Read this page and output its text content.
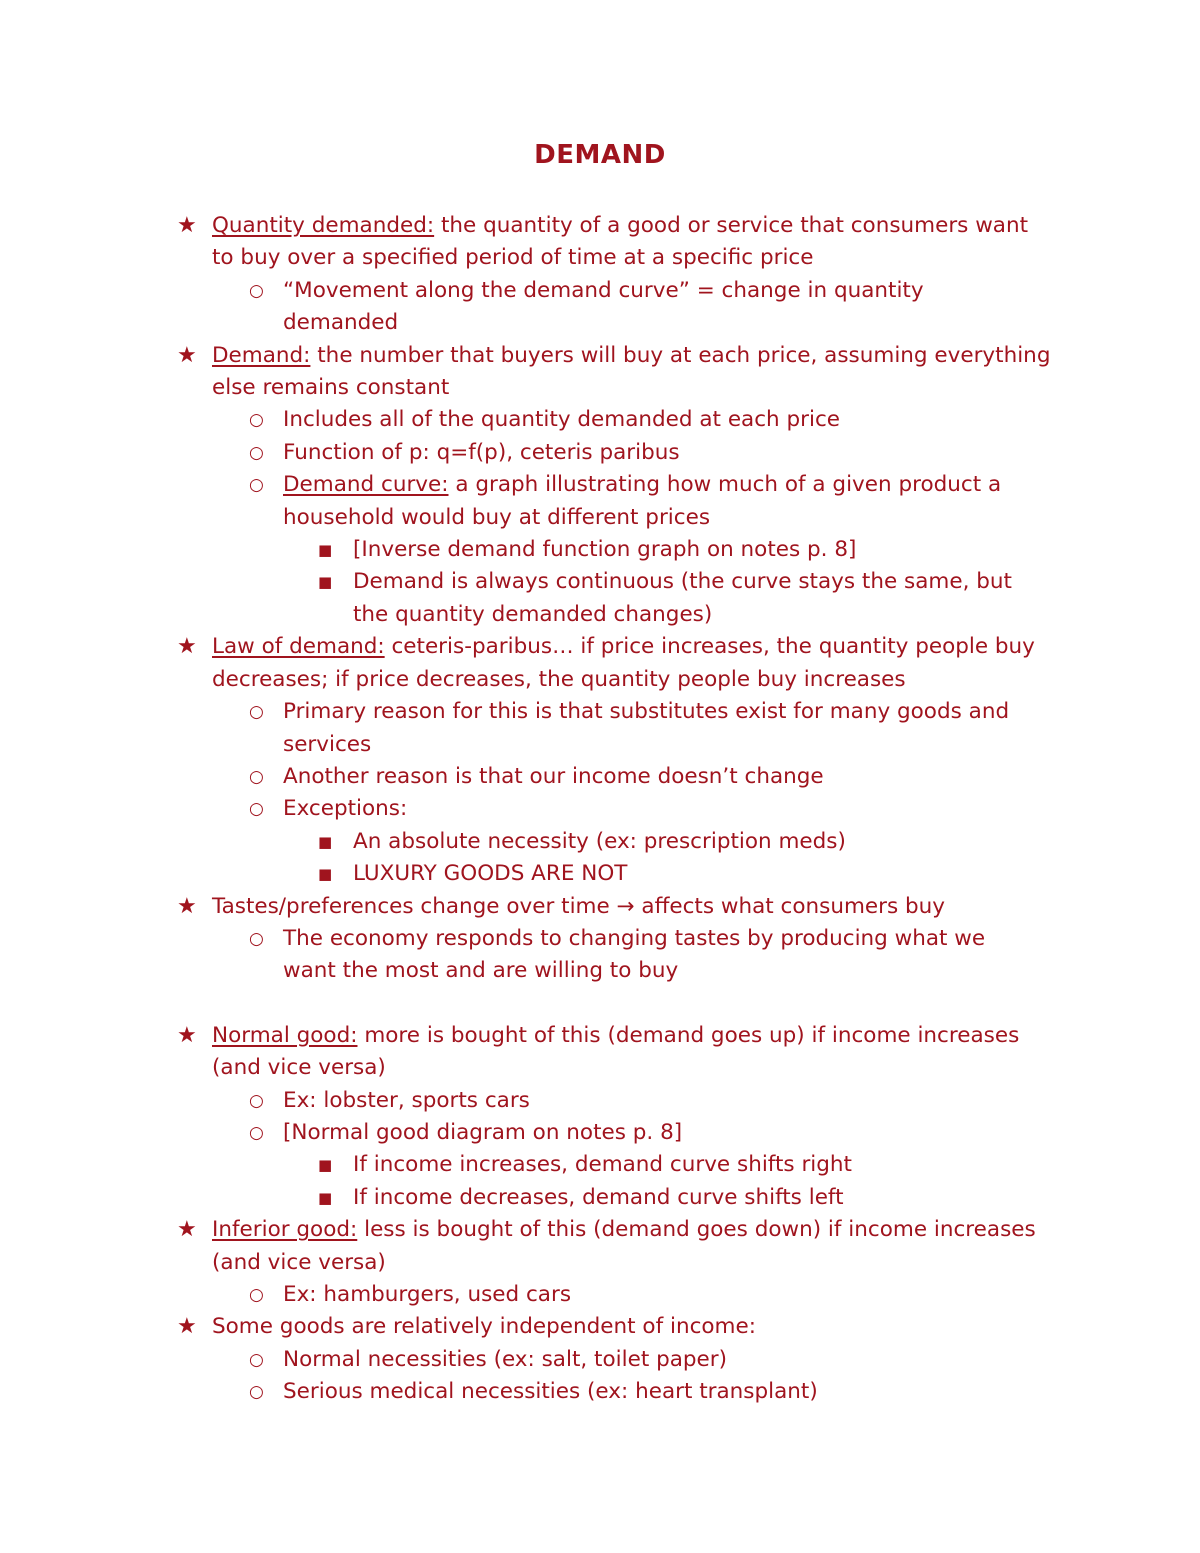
DEMAND
★ Quantity demanded: the quantity of a good or service that consumers want to buy over a specified period of time at a specific price
○ “Movement along the demand curve” = change in quantity demanded
★ Demand: the number that buyers will buy at each price, assuming everything else remains constant
○ Includes all of the quantity demanded at each price
○ Function of p: q=f(p), ceteris paribus
○ Demand curve: a graph illustrating how much of a given product a household would buy at different prices
■ [Inverse demand function graph on notes p. 8]
■ Demand is always continuous (the curve stays the same, but the quantity demanded changes)
★ Law of demand: ceteris-paribus… if price increases, the quantity people buy decreases; if price decreases, the quantity people buy increases
○ Primary reason for this is that substitutes exist for many goods and services
○ Another reason is that our income doesn’t change
○ Exceptions:
■ An absolute necessity (ex: prescription meds)
■ LUXURY GOODS ARE NOT
★ Tastes/preferences change over time → affects what consumers buy
○ The economy responds to changing tastes by producing what we want the most and are willing to buy
★ Normal good: more is bought of this (demand goes up) if income increases (and vice versa)
○ Ex: lobster, sports cars
○ [Normal good diagram on notes p. 8]
■ If income increases, demand curve shifts right
■ If income decreases, demand curve shifts left
★ Inferior good: less is bought of this (demand goes down) if income increases (and vice versa)
○ Ex: hamburgers, used cars
★ Some goods are relatively independent of income:
○ Normal necessities (ex: salt, toilet paper)
○ Serious medical necessities (ex: heart transplant)
